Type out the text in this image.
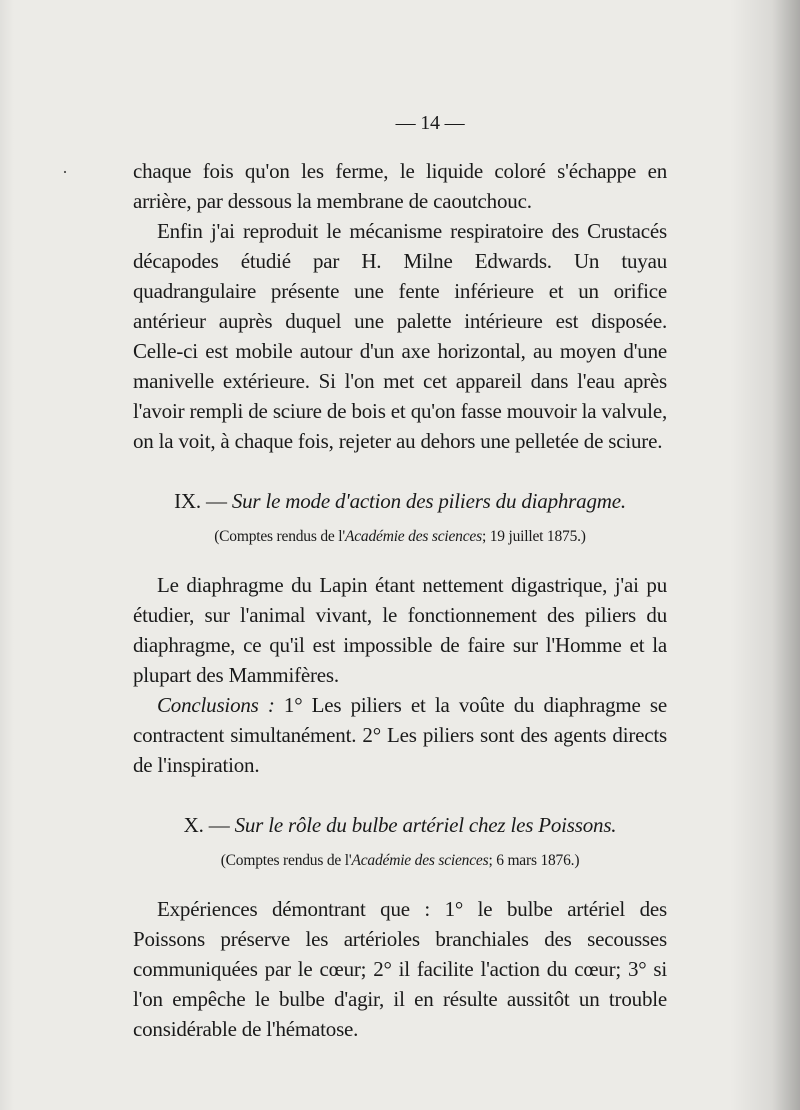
·
— 14 —

chaque fois qu'on les ferme, le liquide coloré s'échappe en arrière, par dessous la membrane de caoutchouc.

Enfin j'ai reproduit le mécanisme respiratoire des Crustacés décapodes étudié par H. Milne Edwards. Un tuyau quadrangulaire présente une fente inférieure et un orifice antérieur auprès duquel une palette intérieure est disposée. Celle-ci est mobile autour d'un axe horizontal, au moyen d'une manivelle extérieure. Si l'on met cet appareil dans l'eau après l'avoir rempli de sciure de bois et qu'on fasse mouvoir la valvule, on la voit, à chaque fois, rejeter au dehors une pelletée de sciure.

IX. — Sur le mode d'action des piliers du diaphragme.
(Comptes rendus de l'Académie des sciences; 19 juillet 1875.)

Le diaphragme du Lapin étant nettement digastrique, j'ai pu étudier, sur l'animal vivant, le fonctionnement des piliers du diaphragme, ce qu'il est impossible de faire sur l'Homme et la plupart des Mammifères.

Conclusions : 1° Les piliers et la voûte du diaphragme se contractent simultanément. 2° Les piliers sont des agents directs de l'inspiration.

X. — Sur le rôle du bulbe artériel chez les Poissons.
(Comptes rendus de l'Académie des sciences; 6 mars 1876.)

Expériences démontrant que : 1° le bulbe artériel des Poissons préserve les artérioles branchiales des secousses communiquées par le cœur; 2° il facilite l'action du cœur; 3° si l'on empêche le bulbe d'agir, il en résulte aussitôt un trouble considérable de l'hématose.
